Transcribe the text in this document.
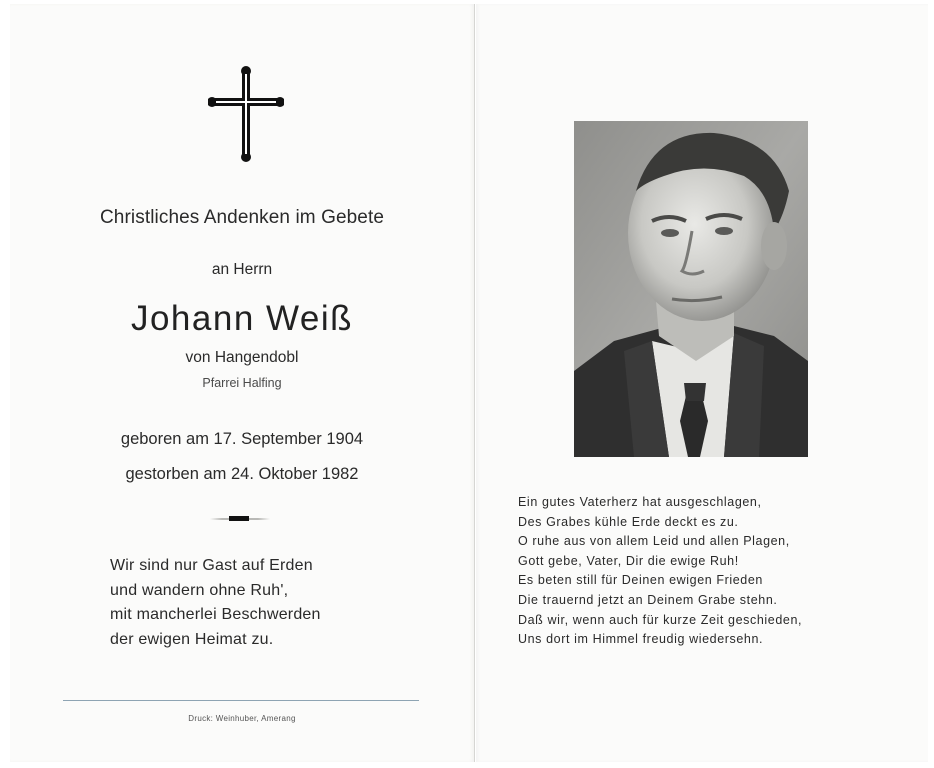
Christliches Andenken im Gebete
an Herrn
Johann Weiß
von Hangendobl
Pfarrei Halfing
geboren am 17. September 1904
gestorben am 24. Oktober 1982
Wir sind nur Gast auf Erden
und wandern ohne Ruh',
mit mancherlei Beschwerden
der ewigen Heimat zu.
Druck: Weinhuber, Amerang
Ein gutes Vaterherz hat ausgeschlagen,
Des Grabes kühle Erde deckt es zu.
O ruhe aus von allem Leid und allen Plagen,
Gott gebe, Vater, Dir die ewige Ruh!
Es beten still für Deinen ewigen Frieden
Die trauernd jetzt an Deinem Grabe stehn.
Daß wir, wenn auch für kurze Zeit geschieden,
Uns dort im Himmel freudig wiedersehn.
